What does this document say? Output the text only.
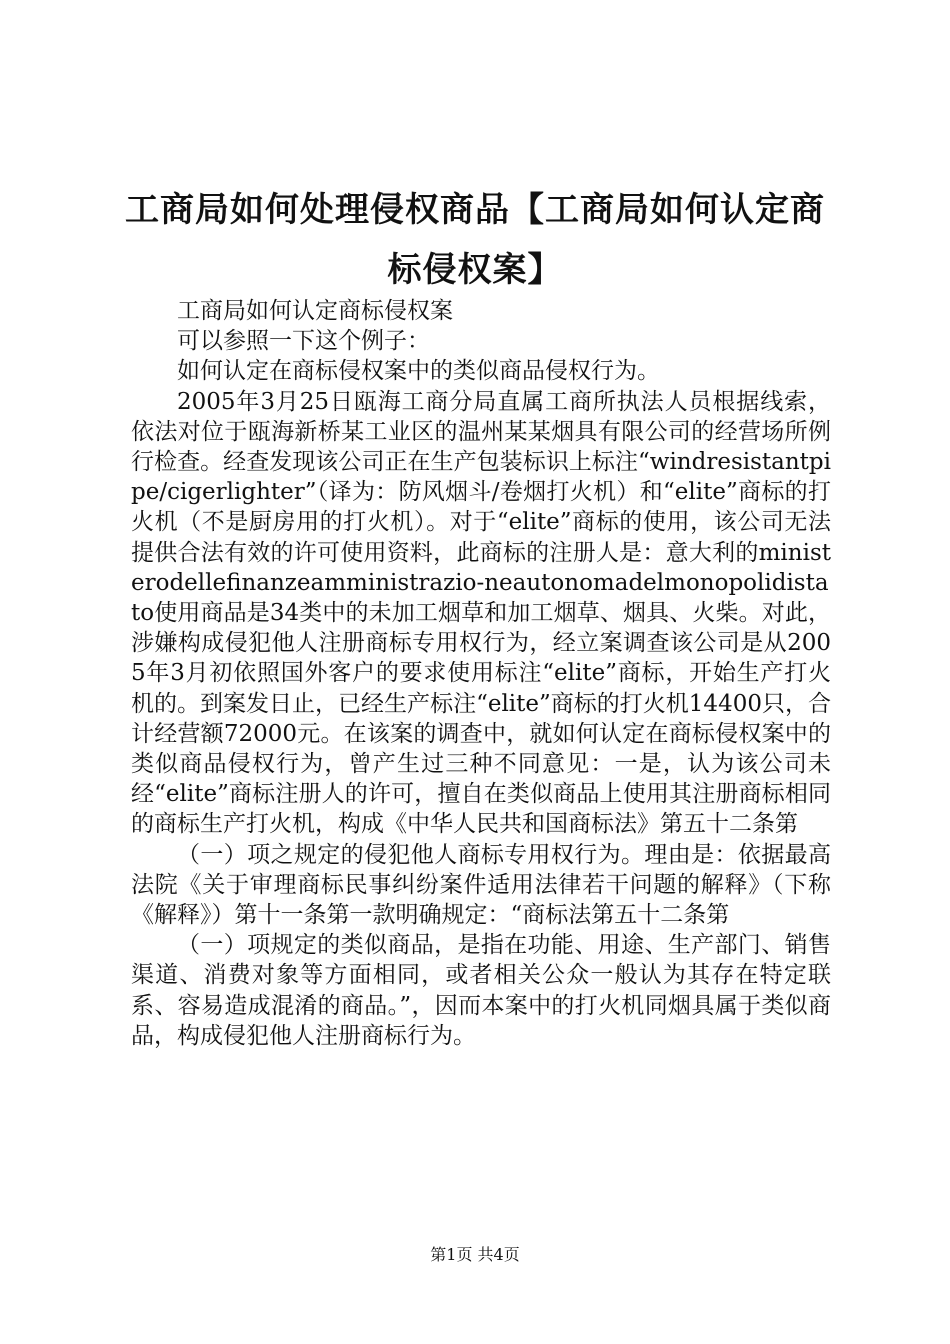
工商局如何处理侵权商品【工商局如何认定商标侵权案】

工商局如何认定商标侵权案

可以参照一下这个例子：

如何认定在商标侵权案中的类似商品侵权行为。

2005年3月25日瓯海工商分局直属工商所执法人员根据线索，依法对位于瓯海新桥某工业区的温州某某烟具有限公司的经营场所例行检查。经查发现该公司正在生产包装标识上标注“windresistantpipe/cigerlighter”（译为：防风烟斗/卷烟打火机）和“elite”商标的打火机（不是厨房用的打火机）。对于“elite”商标的使用，该公司无法提供合法有效的许可使用资料，此商标的注册人是：意大利的ministerodellefinanzeamministrazio-neautonomadelmonopolidistato使用商品是34类中的未加工烟草和加工烟草、烟具、火柴。对此，涉嫌构成侵犯他人注册商标专用权行为，经立案调查该公司是从2005年3月初依照国外客户的要求使用标注“elite”商标，开始生产打火机的。到案发日止，已经生产标注“elite”商标的打火机14400只，合计经营额72000元。在该案的调查中，就如何认定在商标侵权案中的类似商品侵权行为，曾产生过三种不同意见：一是，认为该公司未经“elite”商标注册人的许可，擅自在类似商品上使用其注册商标相同的商标生产打火机，构成《中华人民共和国商标法》第五十二条第

（一）项之规定的侵犯他人商标专用权行为。理由是：依据最高法院《关于审理商标民事纠纷案件适用法律若干问题的解释》（下称《解释》）第十一条第一款明确规定：“商标法第五十二条第

（一）项规定的类似商品，是指在功能、用途、生产部门、销售渠道、消费对象等方面相同，或者相关公众一般认为其存在特定联系、容易造成混淆的商品。”，因而本案中的打火机同烟具属于类似商品，构成侵犯他人注册商标行为。

第1页 共4页
